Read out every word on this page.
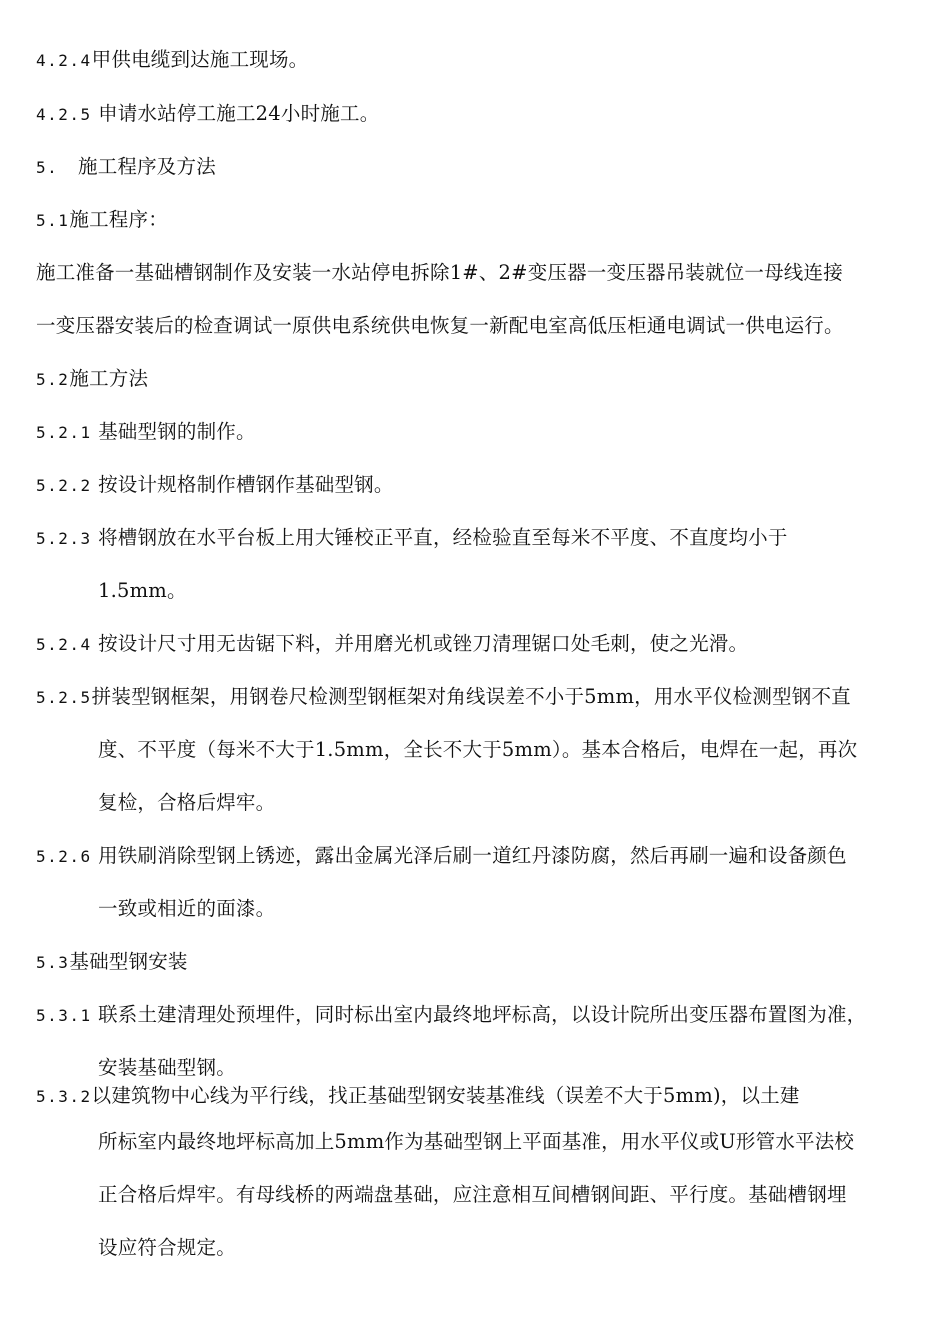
4.2.4甲供电缆到达施工现场。
4.2.5 申请水站停工施工24小时施工。
5. 施工程序及方法
5.1施工程序：
施工准备一基础槽钢制作及安装一水站停电拆除1#、2#变压器一变压器吊装就位一母线连接
一变压器安装后的检查调试一原供电系统供电恢复一新配电室高低压柜通电调试一供电运行。
5.2施工方法
5.2.1 基础型钢的制作。
5.2.2 按设计规格制作槽钢作基础型钢。
5.2.3 将槽钢放在水平台板上用大锤校正平直，经检验直至每米不平度、不直度均小于
1.5mm。
5.2.4 按设计尺寸用无齿锯下料，并用磨光机或锉刀清理锯口处毛刺，使之光滑。
5.2.5拼装型钢框架，用钢卷尺检测型钢框架对角线误差不小于5mm，用水平仪检测型钢不直
度、不平度（每米不大于1.5mm，全长不大于5mm）。基本合格后，电焊在一起，再次
复检，合格后焊牢。
5.2.6 用铁刷消除型钢上锈迹，露出金属光泽后刷一道红丹漆防腐，然后再刷一遍和设备颜色
一致或相近的面漆。
5.3基础型钢安装
5.3.1 联系土建清理处预埋件，同时标出室内最终地坪标高，以设计院所出变压器布置图为准，
安装基础型钢。
5.3.2以建筑物中心线为平行线，找正基础型钢安装基准线（误差不大于5mm)，以土建
所标室内最终地坪标高加上5mm作为基础型钢上平面基准，用水平仪或U形管水平法校
正合格后焊牢。有母线桥的两端盘基础，应注意相互间槽钢间距、平行度。基础槽钢埋
设应符合规定。
